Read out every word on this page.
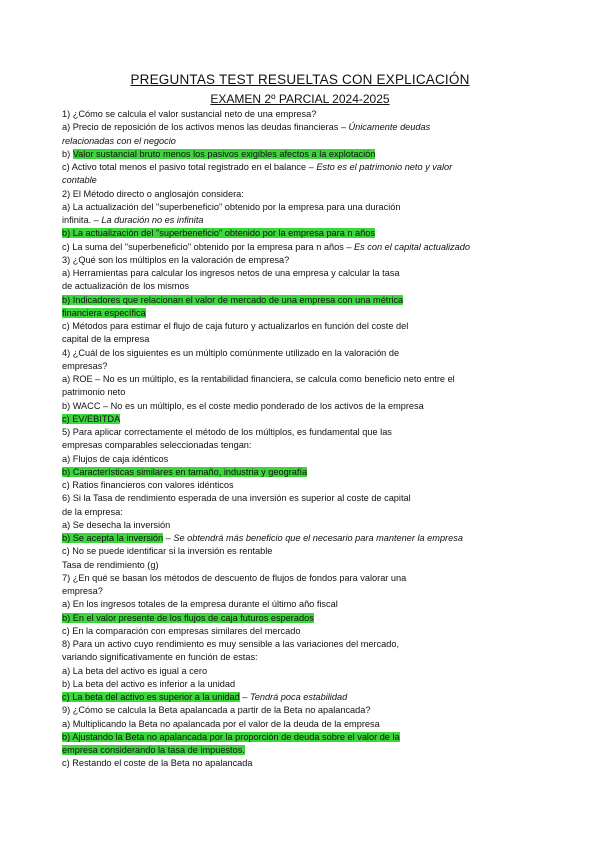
PREGUNTAS TEST RESUELTAS CON EXPLICACIÓN
EXAMEN 2º PARCIAL 2024-2025
1) ¿Cómo se calcula el valor sustancial neto de una empresa?
a) Precio de reposición de los activos menos las deudas financieras – Únicamente deudas
relacionadas con el negocio
b) Valor sustancial bruto menos los pasivos exigibles afectos a la explotación
c) Activo total menos el pasivo total registrado en el balance – Esto es el patrimonio neto y valor
contable
2) El Método directo o anglosajón considera:
a) La actualización del "superbeneficio" obtenido por la empresa para una duración
infinita. – La duración no es infinita
b) La actualización del "superbeneficio" obtenido por la empresa para n años
c) La suma del "superbeneficio" obtenido por la empresa para n años – Es con el capital actualizado
3) ¿Qué son los múltiplos en la valoración de empresa?
a) Herramientas para calcular los ingresos netos de una empresa y calcular la tasa
de actualización de los mismos
b) Indicadores que relacionan el valor de mercado de una empresa con una métrica
financiera específica
c) Métodos para estimar el flujo de caja futuro y actualizarlos en función del coste del
capital de la empresa
4) ¿Cuál de los siguientes es un múltiplo comúnmente utilizado en la valoración de
empresas?
a) ROE – No es un múltiplo, es la rentabilidad financiera, se calcula como beneficio neto entre el
patrimonio neto
b) WACC – No es un múltiplo, es el coste medio ponderado de los activos de la empresa
c) EV/EBITDA
5) Para aplicar correctamente el método de los múltiplos, es fundamental que las
empresas comparables seleccionadas tengan:
a) Flujos de caja idénticos
b) Características similares en tamaño, industria y geografía
c) Ratios financieros con valores idénticos
6) Si la Tasa de rendimiento esperada de una inversión es superior al coste de capital
de la empresa:
a) Se desecha la inversión
b) Se acepta la inversión – Se obtendrá más beneficio que el necesario para mantener la empresa
c) No se puede identificar si la inversión es rentable
Tasa de rendimiento (g)
7) ¿En qué se basan los métodos de descuento de flujos de fondos para valorar una
empresa?
a) En los ingresos totales de la empresa durante el último año fiscal
b) En el valor presente de los flujos de caja futuros esperados
c) En la comparación con empresas similares del mercado
8) Para un activo cuyo rendimiento es muy sensible a las variaciones del mercado,
variando significativamente en función de estas:
a) La beta del activo es igual a cero
b) La beta del activo es inferior a la unidad
c) La beta del activo es superior a la unidad – Tendrá poca estabilidad
9) ¿Cómo se calcula la Beta apalancada a partir de la Beta no apalancada?
a) Multiplicando la Beta no apalancada por el valor de la deuda de la empresa
b) Ajustando la Beta no apalancada por la proporción de deuda sobre el valor de la
empresa considerando la tasa de impuestos.
c) Restando el coste de la Beta no apalancada
